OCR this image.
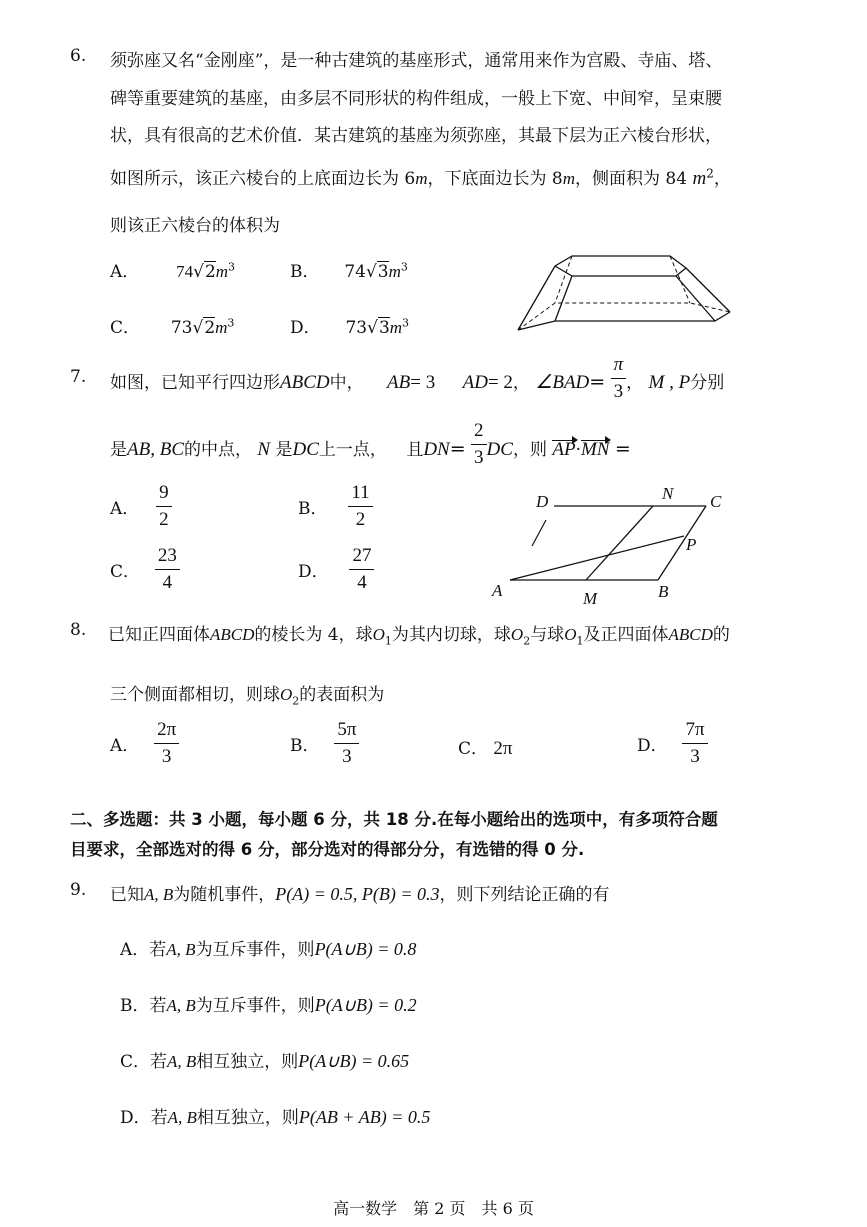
6. 须弥座又名“金刚座”，是一种古建筑的基座形式，通常用来作为宫殿、寺庙、塔、
碑等重要建筑的基座，由多层不同形状的构件组成，一般上下宽、中间窄，呈束腰
状，具有很高的艺术价值．某古建筑的基座为须弥座，其最下层为正六棱台形状，
如图所示，该正六棱台的上底面边长为 6m，下底面边长为 8m，侧面积为 84 $m^2$，
则该正六棱台的体积为
A． $74√2m^3$	B． $74√3m^3$
C． $73√2m^3$	D． $73√3m^3$
7. 如图，已知平行四边形ABCD中， AB= 3 AD= 2， ∠BAD= $\frac{\pi}{3}$ ， M , P分别
是AB, BC的中点， N 是DC上一点， 且$DN= \frac{2}{3}$ DC，则 AP·MN =
A． $\frac{9}{2}$	B． $\frac{11}{2}$
C． $\frac{23}{4}$	D． $\frac{27}{4}$
D	N C
P
A	M	B
8. 已知正四面体ABCD的棱长为 4，球$O_1$为其内切球，球$O_2$与球$O_1$及正四面体ABCD的
三个侧面都相切，则球$O_2$的表面积为
A． $\frac{2\pi}{3}$	B． $\frac{5\pi}{3}$	C． 2π	D． $\frac{7\pi}{3}$
二、多选题：共 3 小题，每小题 6 分，共 18 分.在每小题给出的选项中，有多项符合题
目要求，全部选对的得 6 分，部分选对的得部分分，有选错的得 0 分.
9. 已知A, B为随机事件，P(A) = 0.5, P(B) = 0.3，则下列结论正确的有
A．若A, B为互斥事件，则P(A∪B) = 0.8
B．若A, B为互斥事件，则P(A∪B) = 0.2
C．若A, B相互独立，则P(A∪B) = 0.65
D．若A, B相互独立，则P(AB + AB) = 0.5
高一数学　第 2 页　共 6 页
